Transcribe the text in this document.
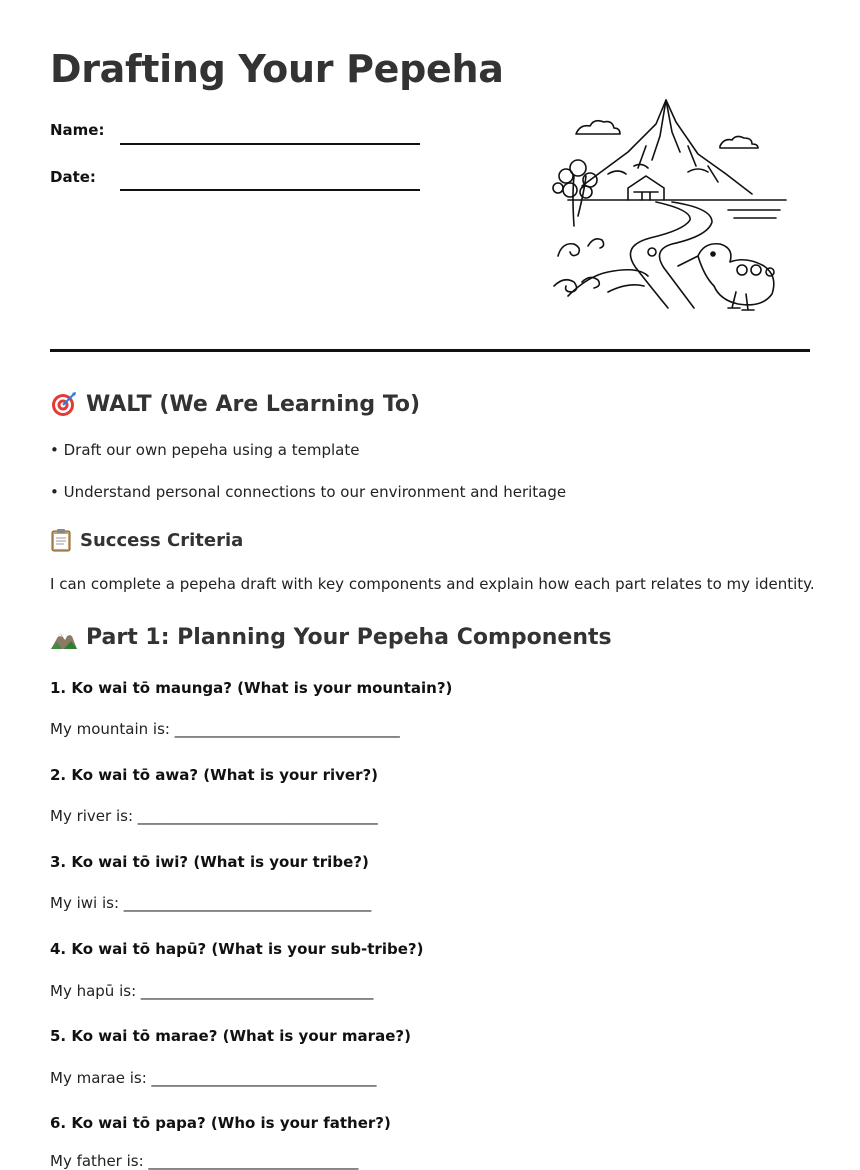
Drafting Your Pepeha
Name:
Date:
WALT (We Are Learning To)
• Draft our own pepeha using a template
• Understand personal connections to our environment and heritage
Success Criteria
I can complete a pepeha draft with key components and explain how each part relates to my identity.
Part 1: Planning Your Pepeha Components
1. Ko wai tō maunga? (What is your mountain?)
My mountain is: ______________________________
2. Ko wai tō awa? (What is your river?)
My river is: ________________________________
3. Ko wai tō iwi? (What is your tribe?)
My iwi is: _________________________________
4. Ko wai tō hapū? (What is your sub-tribe?)
My hapū is: _______________________________
5. Ko wai tō marae? (What is your marae?)
My marae is: ______________________________
6. Ko wai tō papa? (Who is your father?)
My father is: ____________________________
